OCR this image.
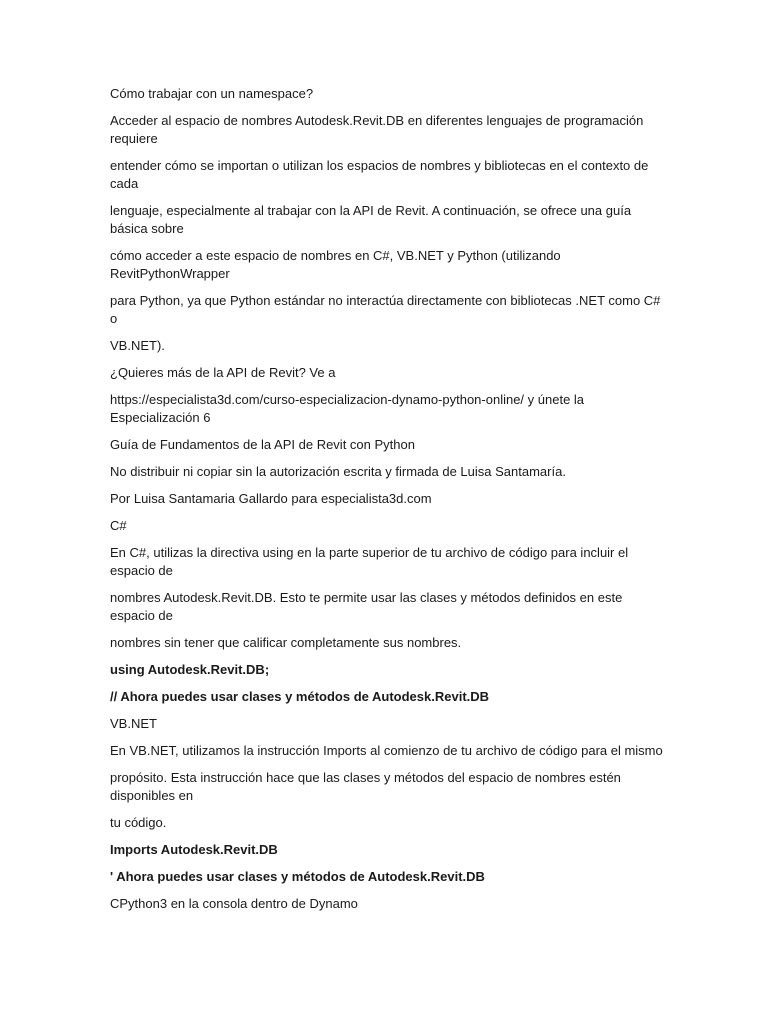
Cómo trabajar con un namespace?

Acceder al espacio de nombres Autodesk.Revit.DB en diferentes lenguajes de programación requiere

entender cómo se importan o utilizan los espacios de nombres y bibliotecas en el contexto de cada

lenguaje, especialmente al trabajar con la API de Revit. A continuación, se ofrece una guía básica sobre

cómo acceder a este espacio de nombres en C#, VB.NET y Python (utilizando RevitPythonWrapper

para Python, ya que Python estándar no interactúa directamente con bibliotecas .NET como C# o

VB.NET).

¿Quieres más de la API de Revit? Ve a

https://especialista3d.com/curso-especializacion-dynamo-python-online/ y únete la Especialización 6

Guía de Fundamentos de la API de Revit con Python

No distribuir ni copiar sin la autorización escrita y firmada de Luisa Santamaría.

Por Luisa Santamaria Gallardo para especialista3d.com

C#

En C#, utilizas la directiva using en la parte superior de tu archivo de código para incluir el espacio de

nombres Autodesk.Revit.DB. Esto te permite usar las clases y métodos definidos en este espacio de

nombres sin tener que calificar completamente sus nombres.

using Autodesk.Revit.DB;

// Ahora puedes usar clases y métodos de Autodesk.Revit.DB

VB.NET

En VB.NET, utilizamos la instrucción Imports al comienzo de tu archivo de código para el mismo

propósito. Esta instrucción hace que las clases y métodos del espacio de nombres estén disponibles en

tu código.

Imports Autodesk.Revit.DB

' Ahora puedes usar clases y métodos de Autodesk.Revit.DB

CPython3 en la consola dentro de Dynamo
